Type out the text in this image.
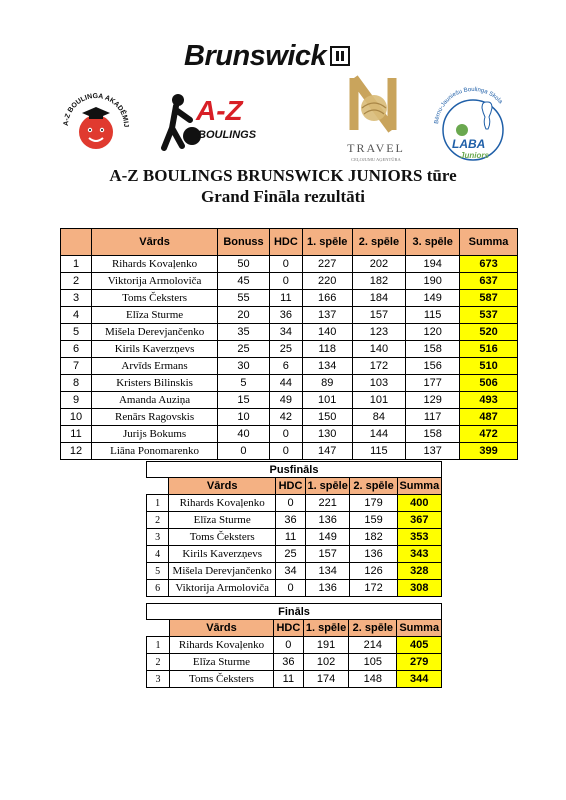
Brunswick
A-Z BOULINGA AKADĒMIJ A-Z
BOULINGS
TRAVEL
CEĻOJUMU AĢENTŪRA
Bērnu-Jauniešu Boulinga Skola
LABA
Juniors
A-Z BOULINGS BRUNSWICK JUNIORS tūre
Grand Fināla rezultāti
	Vārds	Bonuss	HDC	1. spēle	2. spēle	3. spēle	Summa
1	Rihards Kovaļenko	50	0	227	202	194	673
2	Viktorija Armoloviča	45	0	220	182	190	637
3	Toms Čeksters	55	11	166	184	149	587
4	Elīza Sturme	20	36	137	157	115	537
5	Mišela Derevjančenko	35	34	140	123	120	520
6	Kirils Kaverzņevs	25	25	118	140	158	516
7	Arvīds Ermans	30	6	134	172	156	510
8	Kristers Bilinskis	5	44	89	103	177	506
9	Amanda Auziņa	15	49	101	101	129	493
10	Renārs Ragovskis	10	42	150	84	117	487
11	Jurijs Bokums	40	0	130	144	158	472
12	Liāna Ponomarenko	0	0	147	115	137	399
Pusfināls					
	Vārds	HDC	1. spēle	2. spēle	Summa
1	Rihards Kovaļenko	0	221	179	400
2	Elīza Sturme	36	136	159	367
3	Toms Čeksters	11	149	182	353
4	Kirils Kaverzņevs	25	157	136	343
5	Mišela Derevjančenko	34	134	126	328
6	Viktorija Armoloviča	0	136	172	308
Fināls					
	Vārds	HDC	1. spēle	2. spēle	Summa
1	Rihards Kovaļenko	0	191	214	405
2	Elīza Sturme	36	102	105	279
3	Toms Čeksters	11	174	148	344
